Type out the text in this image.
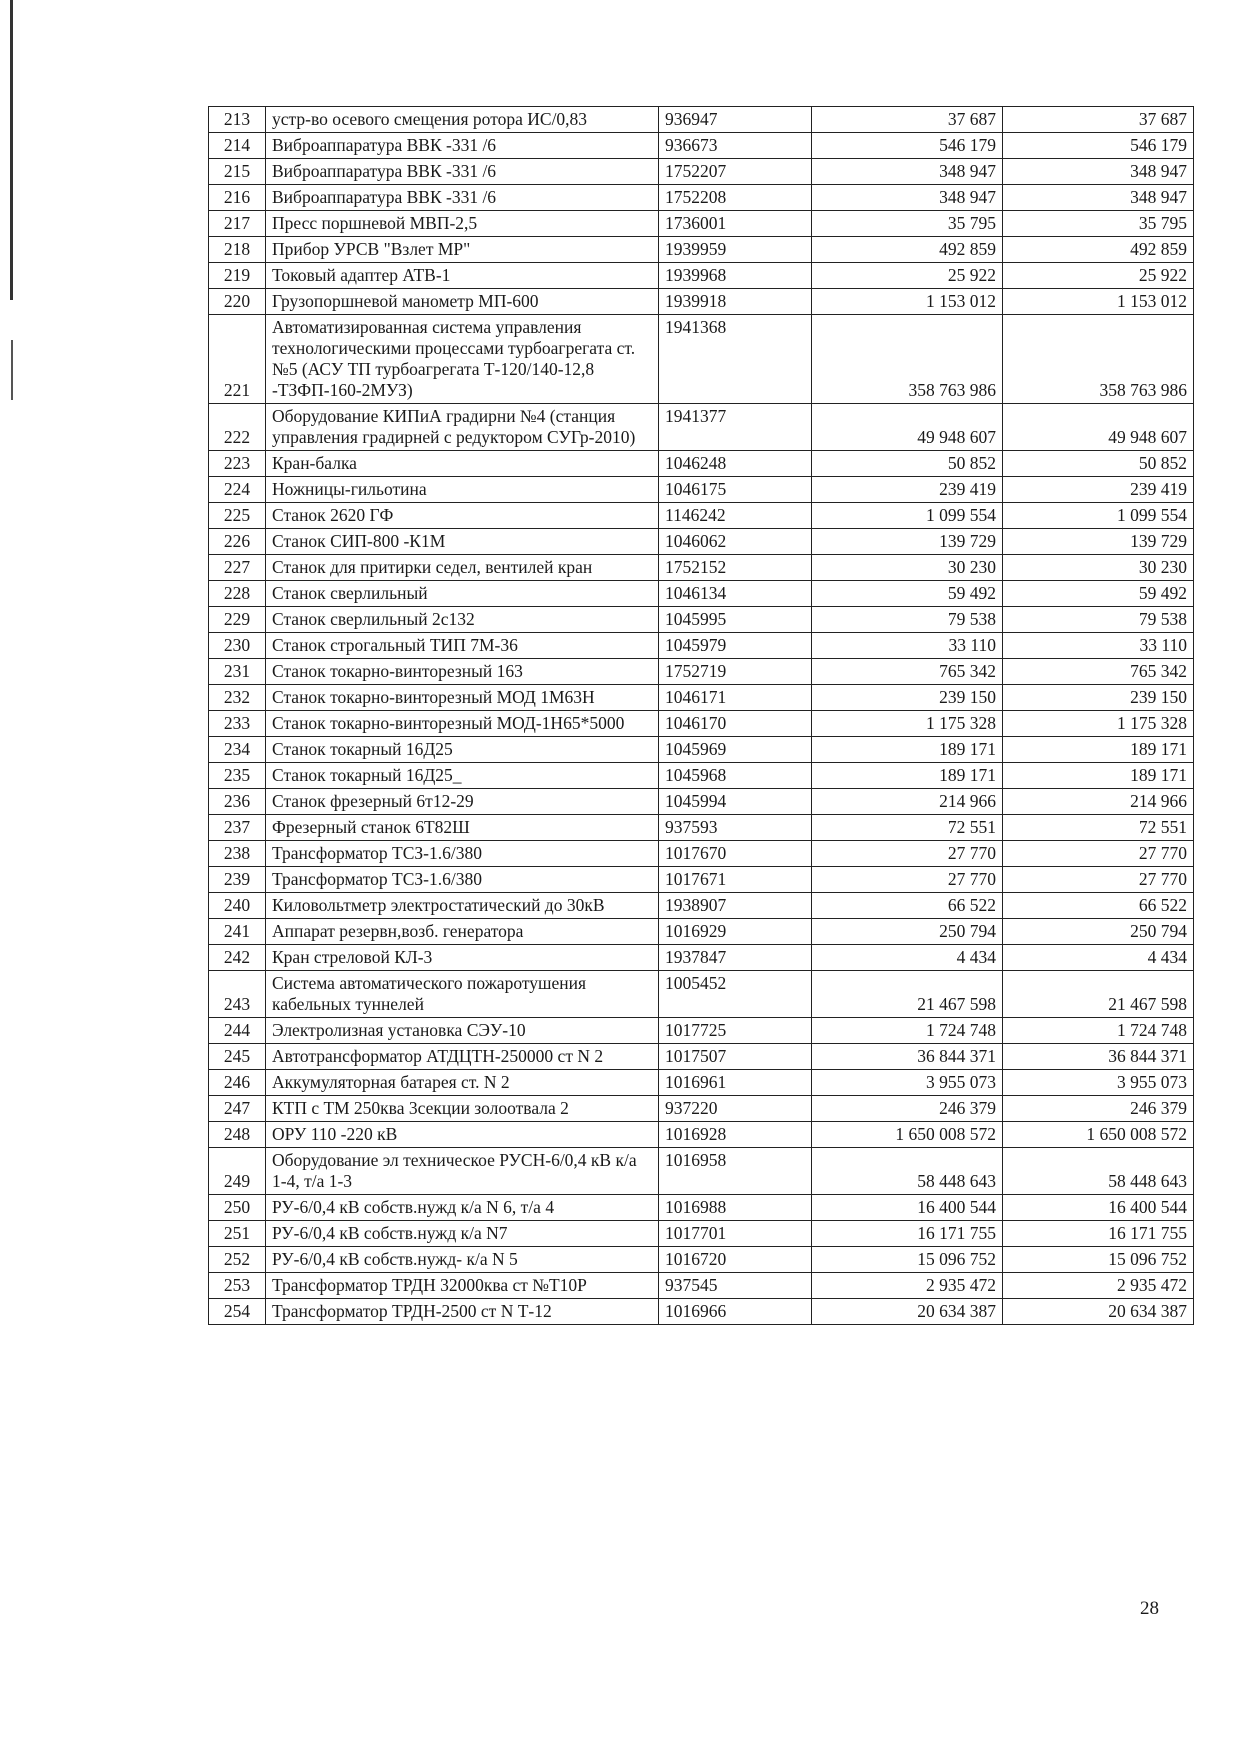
213	устр-во осевого смещения ротора ИС/0,83	936947	37 687	37 687
214	Виброаппаратура ВВК -331 /6	936673	546 179	546 179
215	Виброаппаратура ВВК -331 /6	1752207	348 947	348 947
216	Виброаппаратура ВВК -331 /6	1752208	348 947	348 947
217	Пресс поршневой МВП-2,5	1736001	35 795	35 795
218	Прибор УРСВ "Взлет МР"	1939959	492 859	492 859
219	Токовый адаптер АТВ-1	1939968	25 922	25 922
220	Грузопоршневой манометр МП-600	1939918	1 153 012	1 153 012
221	Автоматизированная система управления технологическими процессами турбоагрегата ст.№5 (АСУ ТП турбоагрегата Т-120/140-12,8 -ТЗФП-160-2МУЗ)	1941368	358 763 986	358 763 986
222	Оборудование КИПиА градирни №4 (станция управления градирней с редуктором СУГр-2010)	1941377	49 948 607	49 948 607
223	Кран-балка	1046248	50 852	50 852
224	Ножницы-гильотина	1046175	239 419	239 419
225	Станок 2620 ГФ	1146242	1 099 554	1 099 554
226	Станок СИП-800 -К1М	1046062	139 729	139 729
227	Станок для притирки седел, вентилей кран	1752152	30 230	30 230
228	Станок сверлильный	1046134	59 492	59 492
229	Станок сверлильный 2с132	1045995	79 538	79 538
230	Станок строгальный ТИП 7М-36	1045979	33 110	33 110
231	Станок токарно-винторезный 163	1752719	765 342	765 342
232	Станок токарно-винторезный МОД 1М63Н	1046171	239 150	239 150
233	Станок токарно-винторезный МОД-1Н65*5000	1046170	1 175 328	1 175 328
234	Станок токарный 16Д25	1045969	189 171	189 171
235	Станок токарный 16Д25_	1045968	189 171	189 171
236	Станок фрезерный 6т12-29	1045994	214 966	214 966
237	Фрезерный станок 6Т82Ш	937593	72 551	72 551
238	Трансформатор ТСЗ-1.6/380	1017670	27 770	27 770
239	Трансформатор ТСЗ-1.6/380	1017671	27 770	27 770
240	Киловольтметр электростатический до 30кВ	1938907	66 522	66 522
241	Аппарат резервн,возб. генератора	1016929	250 794	250 794
242	Кран стреловой КЛ-3	1937847	4 434	4 434
243	Система автоматического пожаротушения кабельных туннелей	1005452	21 467 598	21 467 598
244	Электролизная установка СЭУ-10	1017725	1 724 748	1 724 748
245	Автотрансформатор АТДЦТН-250000 ст N 2	1017507	36 844 371	36 844 371
246	Аккумуляторная батарея ст. N 2	1016961	3 955 073	3 955 073
247	КТП с ТМ 250ква 3секции золоотвала 2	937220	246 379	246 379
248	ОРУ 110 -220 кВ	1016928	1 650 008 572	1 650 008 572
249	Оборудование эл техническое РУСН-6/0,4 кВ к/а 1-4, т/а 1-3	1016958	58 448 643	58 448 643
250	РУ-6/0,4 кВ собств.нужд к/а N 6, т/а 4	1016988	16 400 544	16 400 544
251	РУ-6/0,4 кВ собств.нужд к/а N7	1017701	16 171 755	16 171 755
252	РУ-6/0,4 кВ собств.нужд- к/а N 5	1016720	15 096 752	15 096 752
253	Трансформатор ТРДН 32000ква ст №Т10Р	937545	2 935 472	2 935 472
254	Трансформатор ТРДН-2500 ст N Т-12	1016966	20 634 387	20 634 387
28
